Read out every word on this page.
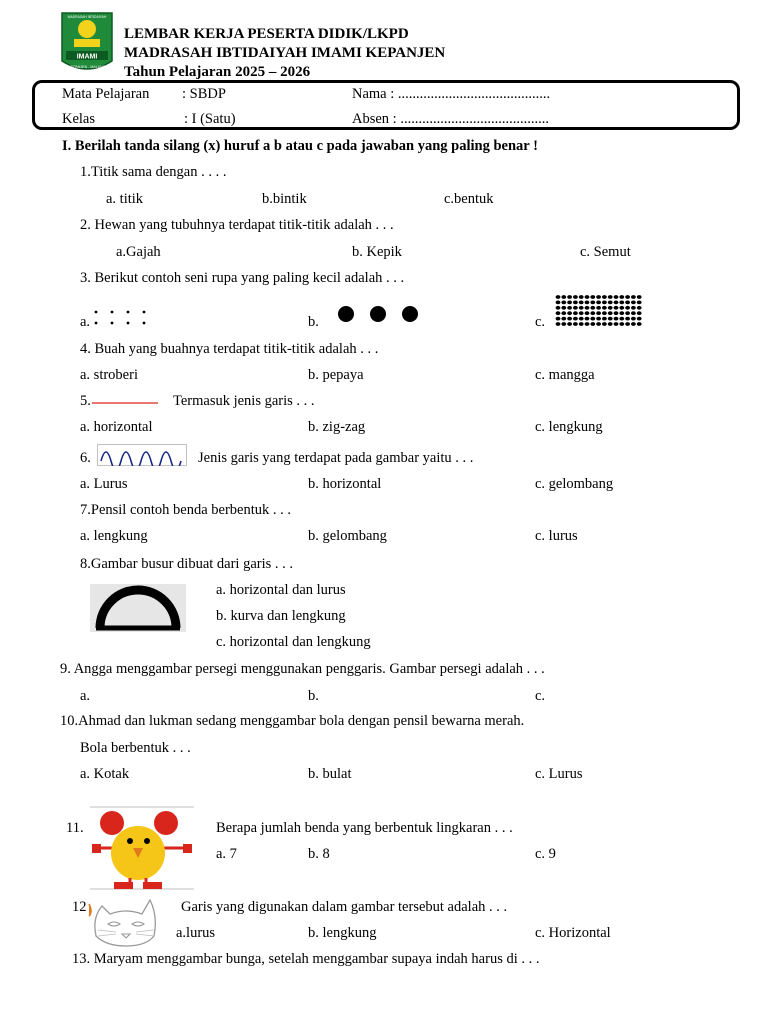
IMAMI
KEPANJEN - MALANG
MADRASAH IBTIDAIYAH
LEMBAR KERJA PESERTA DIDIK/LKPD
MADRASAH IBTIDAIYAH IMAMI KEPANJEN
Tahun Pelajaran 2025 – 2026
Mata Pelajaran : SBDP	Nama : ..........................................
Kelas	: I (Satu)	Absen : .........................................
I. Berilah tanda silang (x) huruf a b atau c pada jawaban yang paling benar !
1.Titik sama dengan . . . .
a. titik	b.bintik	c.bentuk
2. Hewan yang tubuhnya terdapat titik-titik adalah . . .
a.Gajah	b. Kepik	c. Semut
3. Berikut contoh seni rupa yang paling kecil adalah . . .
a.	b.	c.
4. Buah yang buahnya terdapat titik-titik adalah . . .
a. stroberi	b. pepaya	c. mangga
5.	Termasuk jenis garis . . .
a. horizontal	b. zig-zag	c. lengkung
6.	Jenis garis yang terdapat pada gambar yaitu . . .
a. Lurus	b. horizontal	c. gelombang
7.Pensil contoh benda berbentuk . . .
a. lengkung	b. gelombang	c. lurus
8.Gambar busur dibuat dari garis . . .
a. horizontal dan lurus
b. kurva dan lengkung
c. horizontal dan lengkung
9. Angga menggambar persegi menggunakan penggaris. Gambar persegi adalah . . .
a.	b.	c.
10.Ahmad dan lukman sedang menggambar bola dengan pensil bewarna merah.
Bola berbentuk . . .
a. Kotak	b. bulat	c. Lurus
11.	Berapa jumlah benda yang berbentuk lingkaran . . .
a. 7	b. 8	c. 9
12	Garis yang digunakan dalam gambar tersebut adalah . . .
a.lurus	b. lengkung	c. Horizontal
13. Maryam menggambar bunga, setelah menggambar supaya indah harus di . . .
